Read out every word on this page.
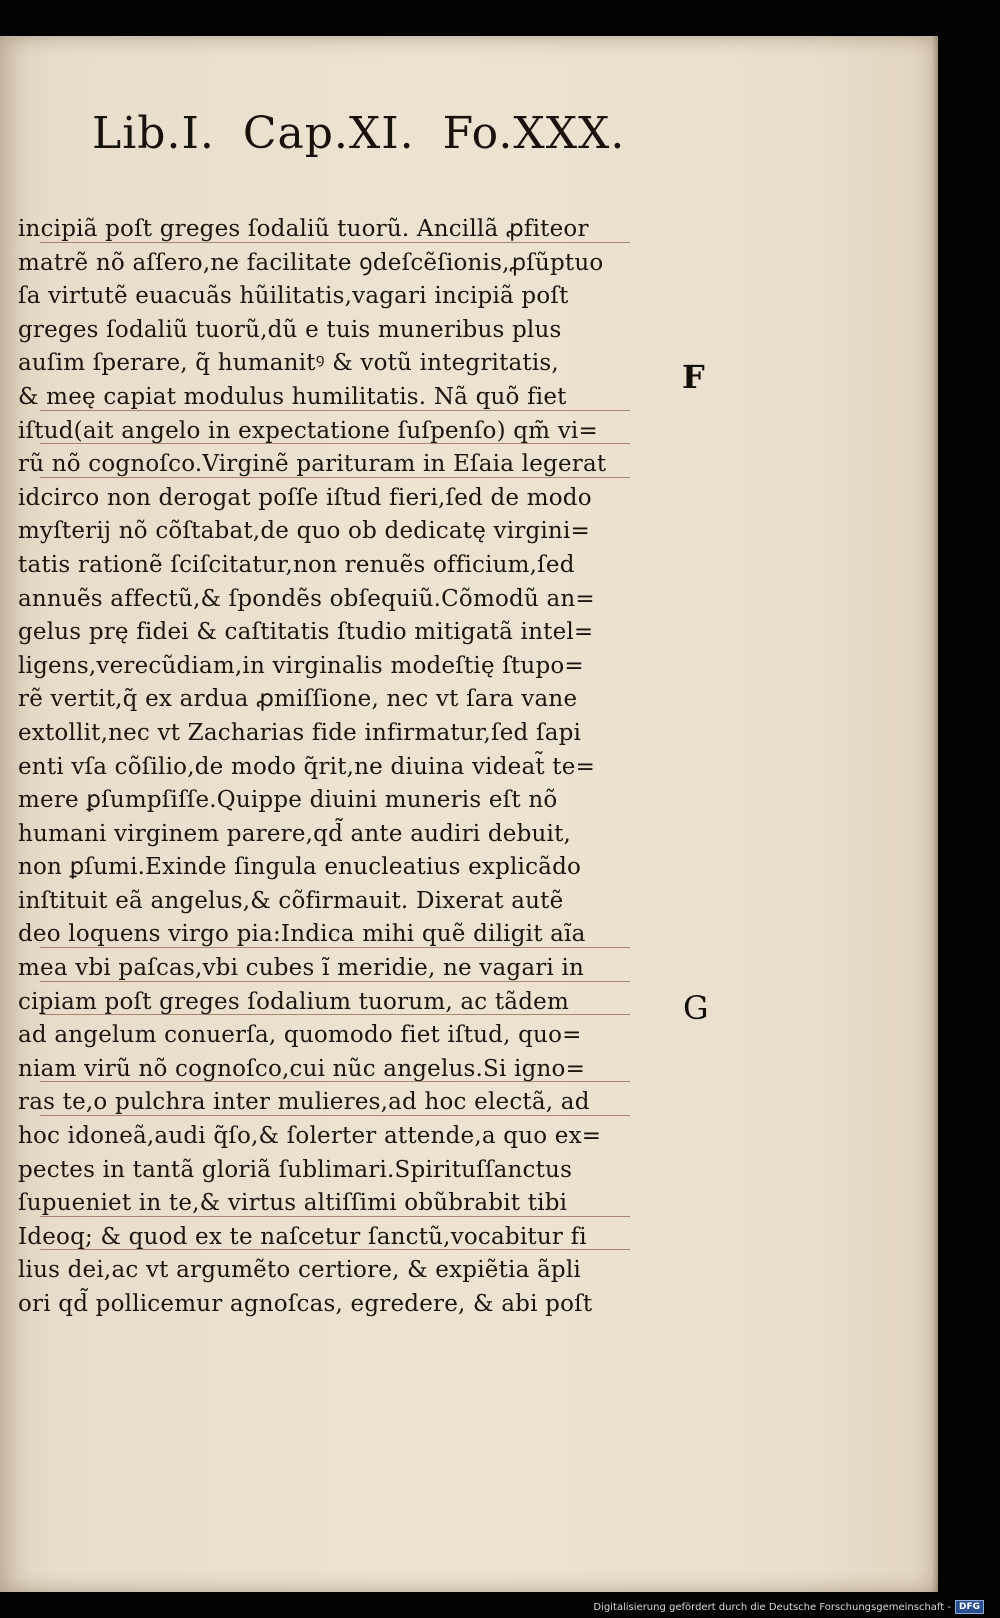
Lib.I. Cap.XI. Fo.XXX.
incipiã poſt greges ſodaliũ tuorũ. Ancillã ꝓfiteor
matrẽ nõ aſſero,ne facilitate ꝯdeſcẽſionis,ꝓſũptuo
ſa virtutẽ euacuãs hũilitatis,vagari incipiã poſt
greges ſodaliũ tuorũ,dũ e tuis muneribus plus
auſim ſperare, q̃ humanitꝰ & votũ integritatis,
& meę capiat modulus humilitatis. Nã quõ fiet
iſtud(ait angelo in expectatione ſuſpenſo) qm̃ vi=
rũ nõ cognoſco.Virginẽ parituram in Eſaia legerat
idcirco non derogat poſſe iſtud fieri,ſed de modo
myſterij nõ cõſtabat,de quo ob dedicatę virgini=
tatis rationẽ ſciſcitatur,non renuẽs officium,ſed
annuẽs affectũ,& ſpondẽs obſequiũ.Cõmodũ an=
gelus prę fidei & caſtitatis ſtudio mitigatã intel=
ligens,verecũdiam,in virginalis modeſtię ſtupo=
rẽ vertit,q̃ ex ardua ꝓmiſſione, nec vt ſara vane
extollit,nec vt Zacharias fide infirmatur,ſed ſapi
enti vſa cõſilio,de modo q̃rit,ne diuina videat̃ te=
mere ꝑſumpſiſſe.Quippe diuini muneris eſt nõ
humani virginem parere,qd̃ ante audiri debuit,
non ꝑſumi.Exinde ſingula enucleatius explicãdo
inſtituit eã angelus,& cõfirmauit. Dixerat autẽ
deo loquens virgo pia:Indica mihi quẽ diligit aĩa
mea vbi paſcas,vbi cubes ĩ meridie, ne vagari in
cipiam poſt greges ſodalium tuorum, ac tãdem
ad angelum conuerſa, quomodo fiet iſtud, quo=
niam virũ nõ cognoſco,cui nũc angelus.Si igno=
ras te,o pulchra inter mulieres,ad hoc electã, ad
hoc idoneã,audi q̃ſo,& ſolerter attende,a quo ex=
pectes in tantã gloriã ſublimari.Spirituſſanctus
ſupueniet in te,& virtus altiſſimi obũbrabit tibi
Ideoq; & quod ex te naſcetur ſanctũ,vocabitur fi
lius dei,ac vt argumẽto certiore, & expiẽtia ãpli
ori qd̃ pollicemur agnoſcas, egredere, & abi poſt
F
G
Digitalisierung gefördert durch die Deutsche Forschungsgemeinschaft - DFG
